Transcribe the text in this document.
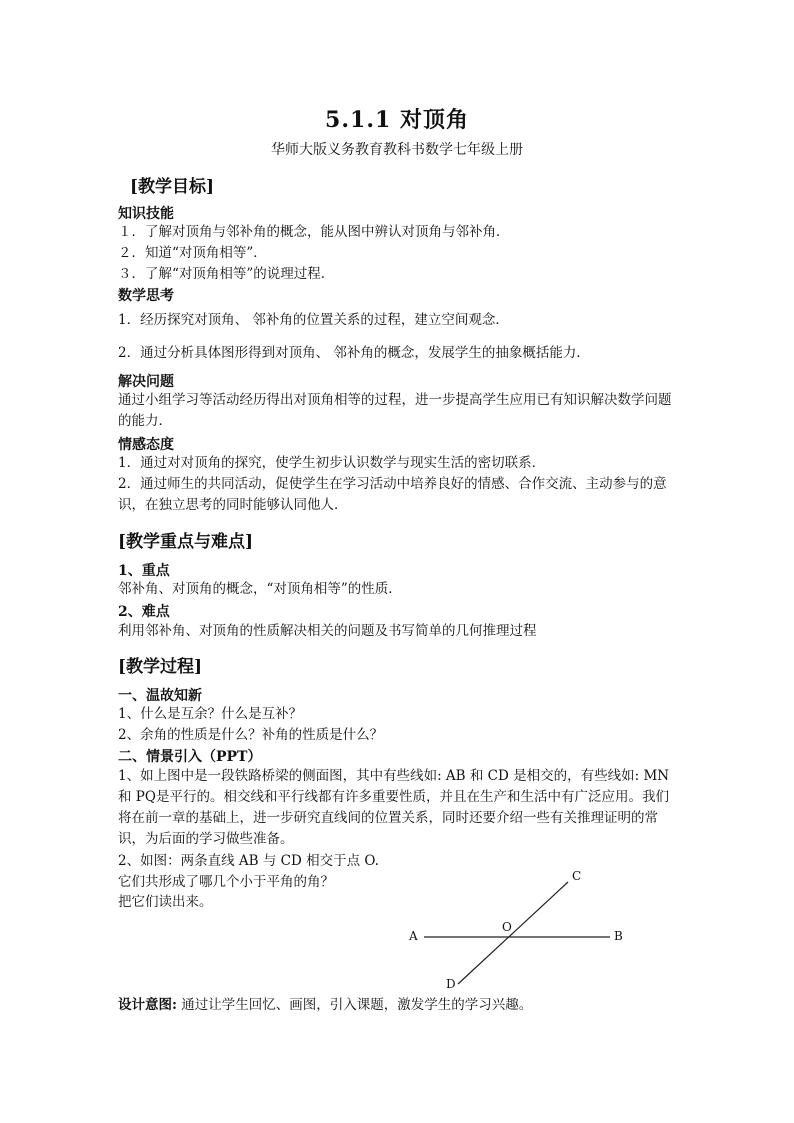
5.1.1 对顶角
华师大版义务教育教科书数学七年级上册
[教学目标]
知识技能
１．了解对顶角与邻补角的概念，能从图中辨认对顶角与邻补角．
２．知道“对顶角相等”．
３．了解“对顶角相等”的说理过程．
数学思考
1．经历探究对顶角、 邻补角的位置关系的过程，建立空间观念．
2．通过分析具体图形得到对顶角、 邻补角的概念，发展学生的抽象概括能力．
解决问题
通过小组学习等活动经历得出对顶角相等的过程，进一步提高学生应用已有知识解决数学问题的能力．
情感态度
1．通过对对顶角的探究，使学生初步认识数学与现实生活的密切联系．
2．通过师生的共同活动，促使学生在学习活动中培养良好的情感、合作交流、主动参与的意识，在独立思考的同时能够认同他人．
[教学重点与难点]
1、重点
邻补角、对顶角的概念，“对顶角相等”的性质．
2、难点
利用邻补角、对顶角的性质解决相关的问题及书写简单的几何推理过程
[教学过程]
一、温故知新
1、什么是互余？什么是互补？
2、余角的性质是什么？补角的性质是什么？
二、情景引入（PPT）
1、如上图中是一段铁路桥梁的侧面图，其中有些线如: AB 和 CD 是相交的，有些线如: MN 和 PQ是平行的。相交线和平行线都有许多重要性质，并且在生产和生活中有广泛应用。我们将在前一章的基础上，进一步研究直线间的位置关系，同时还要介绍一些有关推理证明的常识，为后面的学习做些准备。
2、如图：两条直线 AB 与 CD 相交于点 O.
它们共形成了哪几个小于平角的角？
把它们读出来。
A	B
C
D
O
设计意图: 通过让学生回忆、画图，引入课题，激发学生的学习兴趣。
